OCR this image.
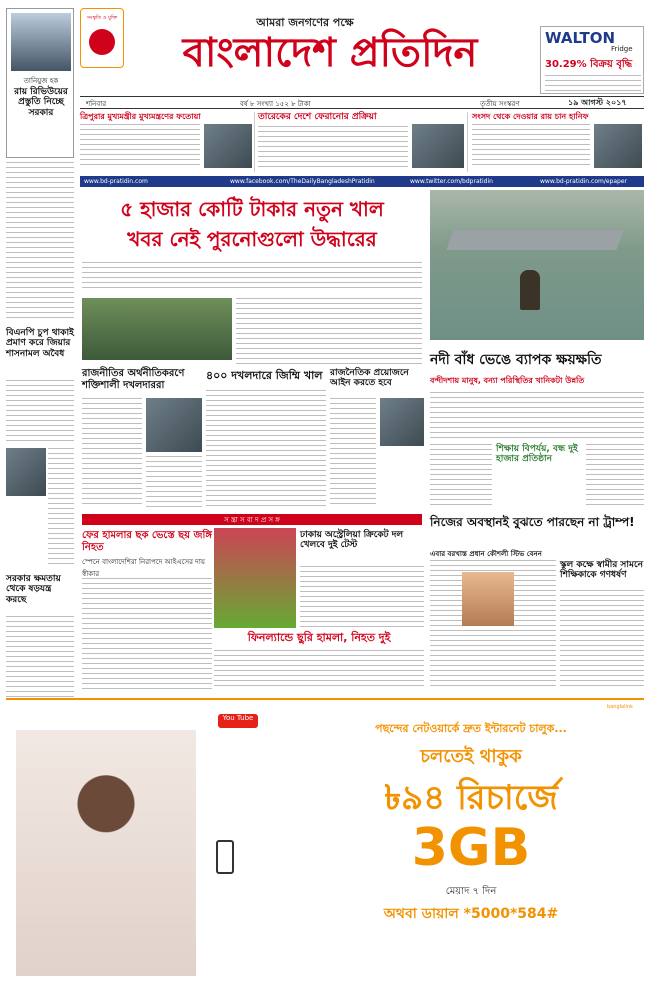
তানিয়ুজ হক
রায় রিভিউয়ের প্রস্তুতি নিচ্ছে সরকার
সংস্কৃতি ও যুক্তি	আমরা জনগণের পক্ষে
বাংলাদেশ প্রতিদিন	WALTON
Fridge
30.29% বিক্রয় বৃদ্ধি
শনিবার	বর্ষ ৮ সংখ্যা ১৫২ ৮ টাকা	তৃতীয় সংস্করণ	১৯ আগস্ট ২০১৭
ত্রিপুরার মুখ্যমন্ত্রীর মুখ্যমন্ত্রণের ফতোয়া	তারেকের দেশে ফেরানোর প্রক্রিয়া	সংসদ থেকে দেওয়ার রায় চান হানিফ
www.bd-pratidin.com	www.facebook.com/TheDailyBangladeshPratidin	www.twitter.com/bdpratidin	www.bd-pratidin.com/epaper
বিএনপি চুপ থাকাই প্রমাণ করে জিয়ার শাসনামল অবৈধ
সরকার ক্ষমতায় থেকে ষড়যন্ত্র করছে
৫ হাজার কোটি টাকার নতুন খাল
খবর নেই পুরনোগুলো উদ্ধারের
রাজনীতির অর্থনীতিকরণে শক্তিশালী দখলদাররা
৪০০ দখলদারে জিম্মি খাল রাজনৈতিক প্রয়োজনে আইন করতে হবে
নদী বাঁধ ভেঙে ব্যাপক ক্ষয়ক্ষতি
বন্দীদশায় মানুষ, বন্যা পরিস্থিতির খানিকটা উন্নতি
শিক্ষায় বিপর্যয়, বন্ধ দুই হাজার প্রতিষ্ঠান
স ন্ত্রা স বা দ প্র স ঙ্গ
ফের হামলার ছক ভেস্তে ছয় জঙ্গি নিহত
স্পেনে বাংলাদেশিরা নিরাপদে আইএসের দায় স্বীকার
ঢাকায় অস্ট্রেলিয়া ক্রিকেট দল খেলবে দুই টেস্ট
ফিনল্যান্ডে ছুরি হামলা, নিহত দুই
নিজের অবস্থানই বুঝতে পারছেন না ট্রাম্প!
এবার বরখাস্ত প্রধান কৌশলী স্টিভ বেনন
স্কুল কক্ষে স্বামীর সামনে শিক্ষিকাকে গণধর্ষণ
You Tube
পছন্দের নেটওয়ার্কে দ্রুত ইন্টারনেট চালুক...
চলতেই থাকুক
৳৯৪ রিচার্জে
3GB
মেয়াদ ৭ দিন
অথবা ডায়াল *5000*584#
banglalink
